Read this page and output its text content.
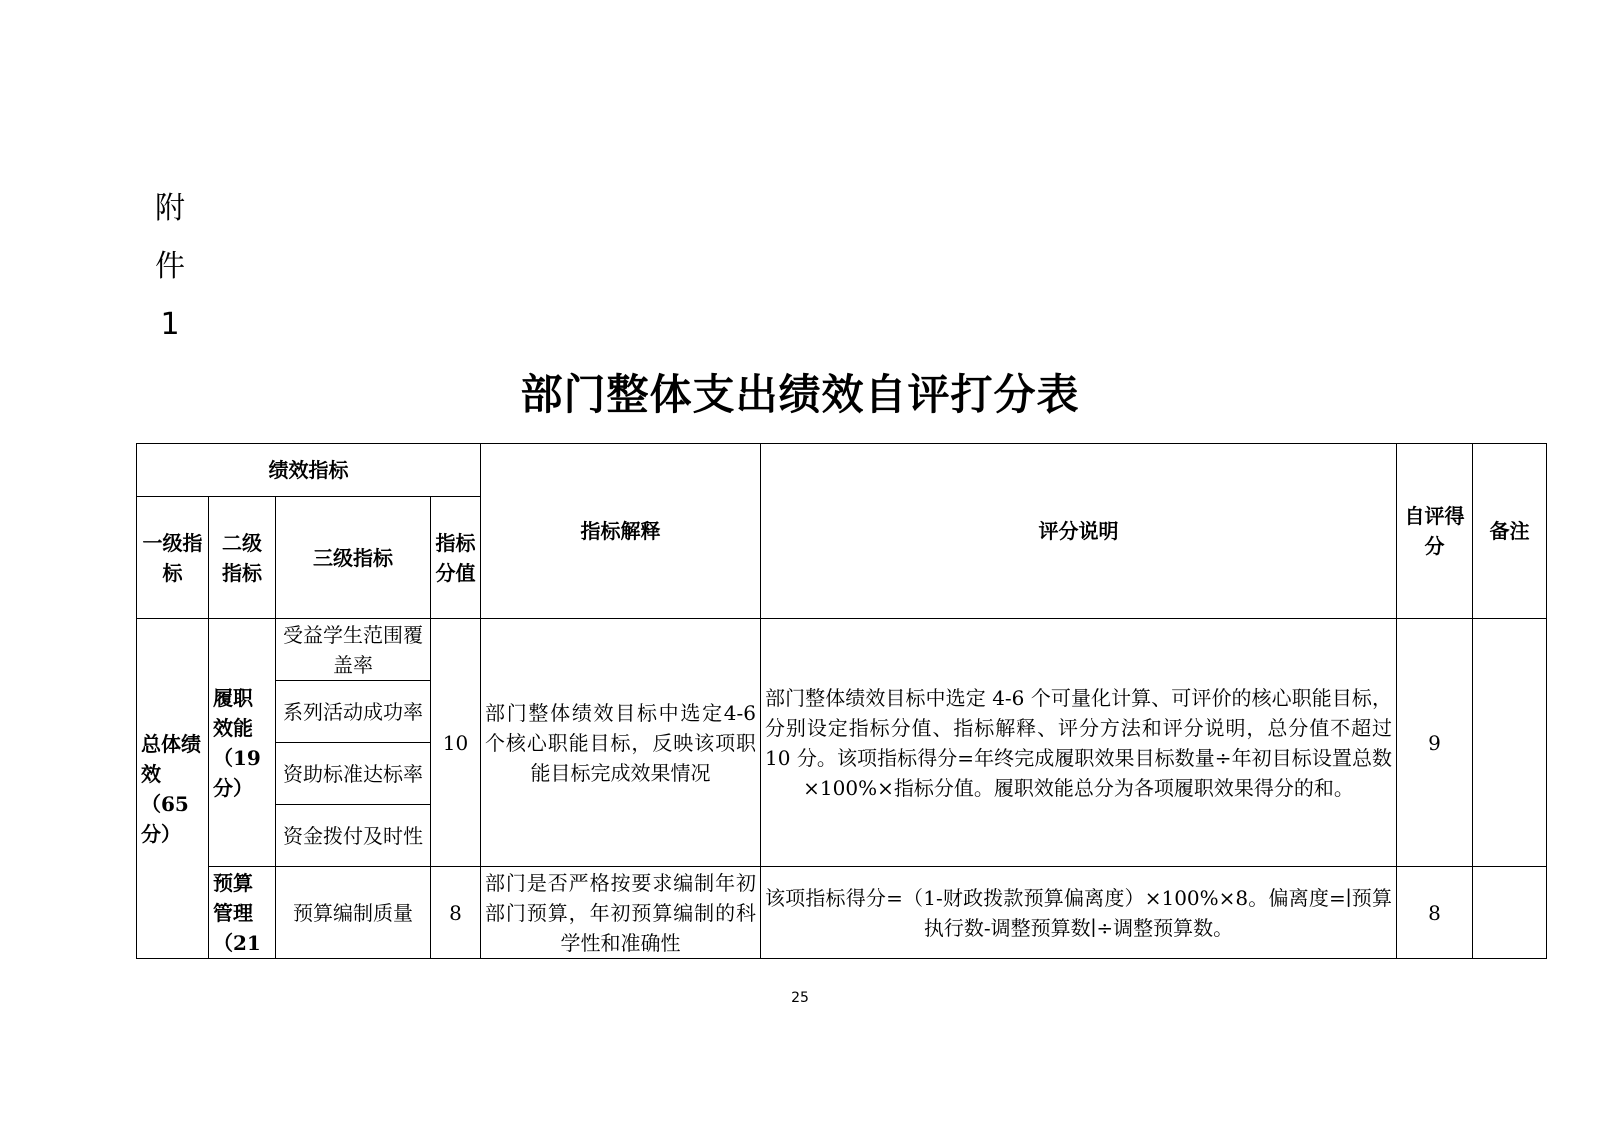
附
件
1
部门整体支出绩效自评打分表
绩效指标				指标解释	评分说明	自评得分	备注
一级指标	二级指标	三级指标	指标分值				
总体绩效（65分）	履职效能（19分）	受益学生范围覆盖率	10	部门整体绩效目标中选定4-6 个核心职能目标，反映该项职能目标完成效果情况	部门整体绩效目标中选定 4-6 个可量化计算、可评价的核心职能目标，分别设定指标分值、指标解释、评分方法和评分说明，总分值不超过 10 分。该项指标得分=年终完成履职效果目标数量÷年初目标设置总数×100%×指标分值。履职效能总分为各项履职效果得分的和。	9	
		系列活动成功率					
		资助标准达标率					
		资金拨付及时性					
	预算管理（21	预算编制质量	8	部门是否严格按要求编制年初部门预算，年初预算编制的科学性和准确性	该项指标得分=（1-财政拨款预算偏离度）×100%×8。偏离度=∣预算执行数-调整预算数∣÷调整预算数。	8	
25
